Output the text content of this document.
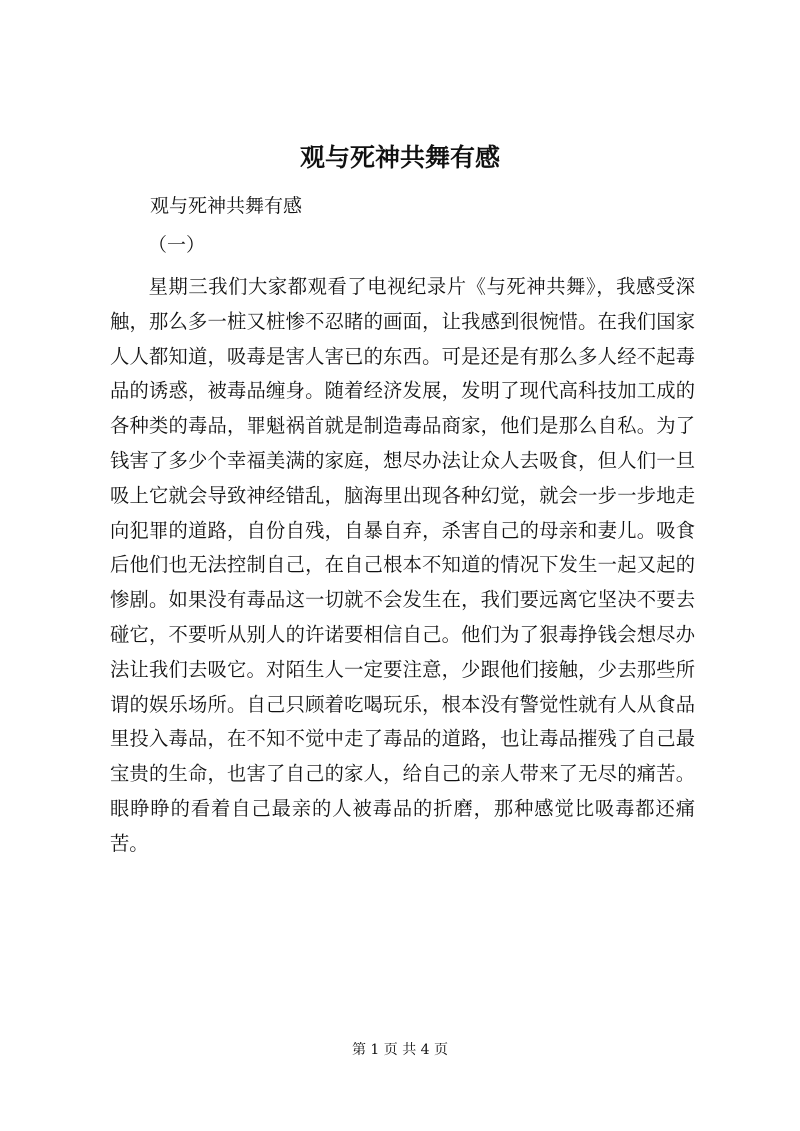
观与死神共舞有感
观与死神共舞有感
（一）

星期三我们大家都观看了电视纪录片《与死神共舞》，我感受深触，那么多一桩又桩惨不忍睹的画面，让我感到很惋惜。在我们国家人人都知道，吸毒是害人害已的东西。可是还是有那么多人经不起毒品的诱惑，被毒品缠身。随着经济发展，发明了现代高科技加工成的各种类的毒品，罪魁祸首就是制造毒品商家，他们是那么自私。为了钱害了多少个幸福美满的家庭，想尽办法让众人去吸食，但人们一旦吸上它就会导致神经错乱，脑海里出现各种幻觉，就会一步一步地走向犯罪的道路，自份自残，自暴自弃，杀害自己的母亲和妻儿。吸食后他们也无法控制自己，在自己根本不知道的情况下发生一起又起的惨剧。如果没有毒品这一切就不会发生在，我们要远离它坚决不要去碰它，不要听从别人的许诺要相信自己。他们为了狠毒挣钱会想尽办法让我们去吸它。对陌生人一定要注意，少跟他们接触，少去那些所谓的娱乐场所。自己只顾着吃喝玩乐，根本没有警觉性就有人从食品里投入毒品，在不知不觉中走了毒品的道路，也让毒品摧残了自己最宝贵的生命，也害了自己的家人，给自己的亲人带来了无尽的痛苦。眼睁睁的看着自己最亲的人被毒品的折磨，那种感觉比吸毒都还痛苦。

第 1 页 共 4 页
